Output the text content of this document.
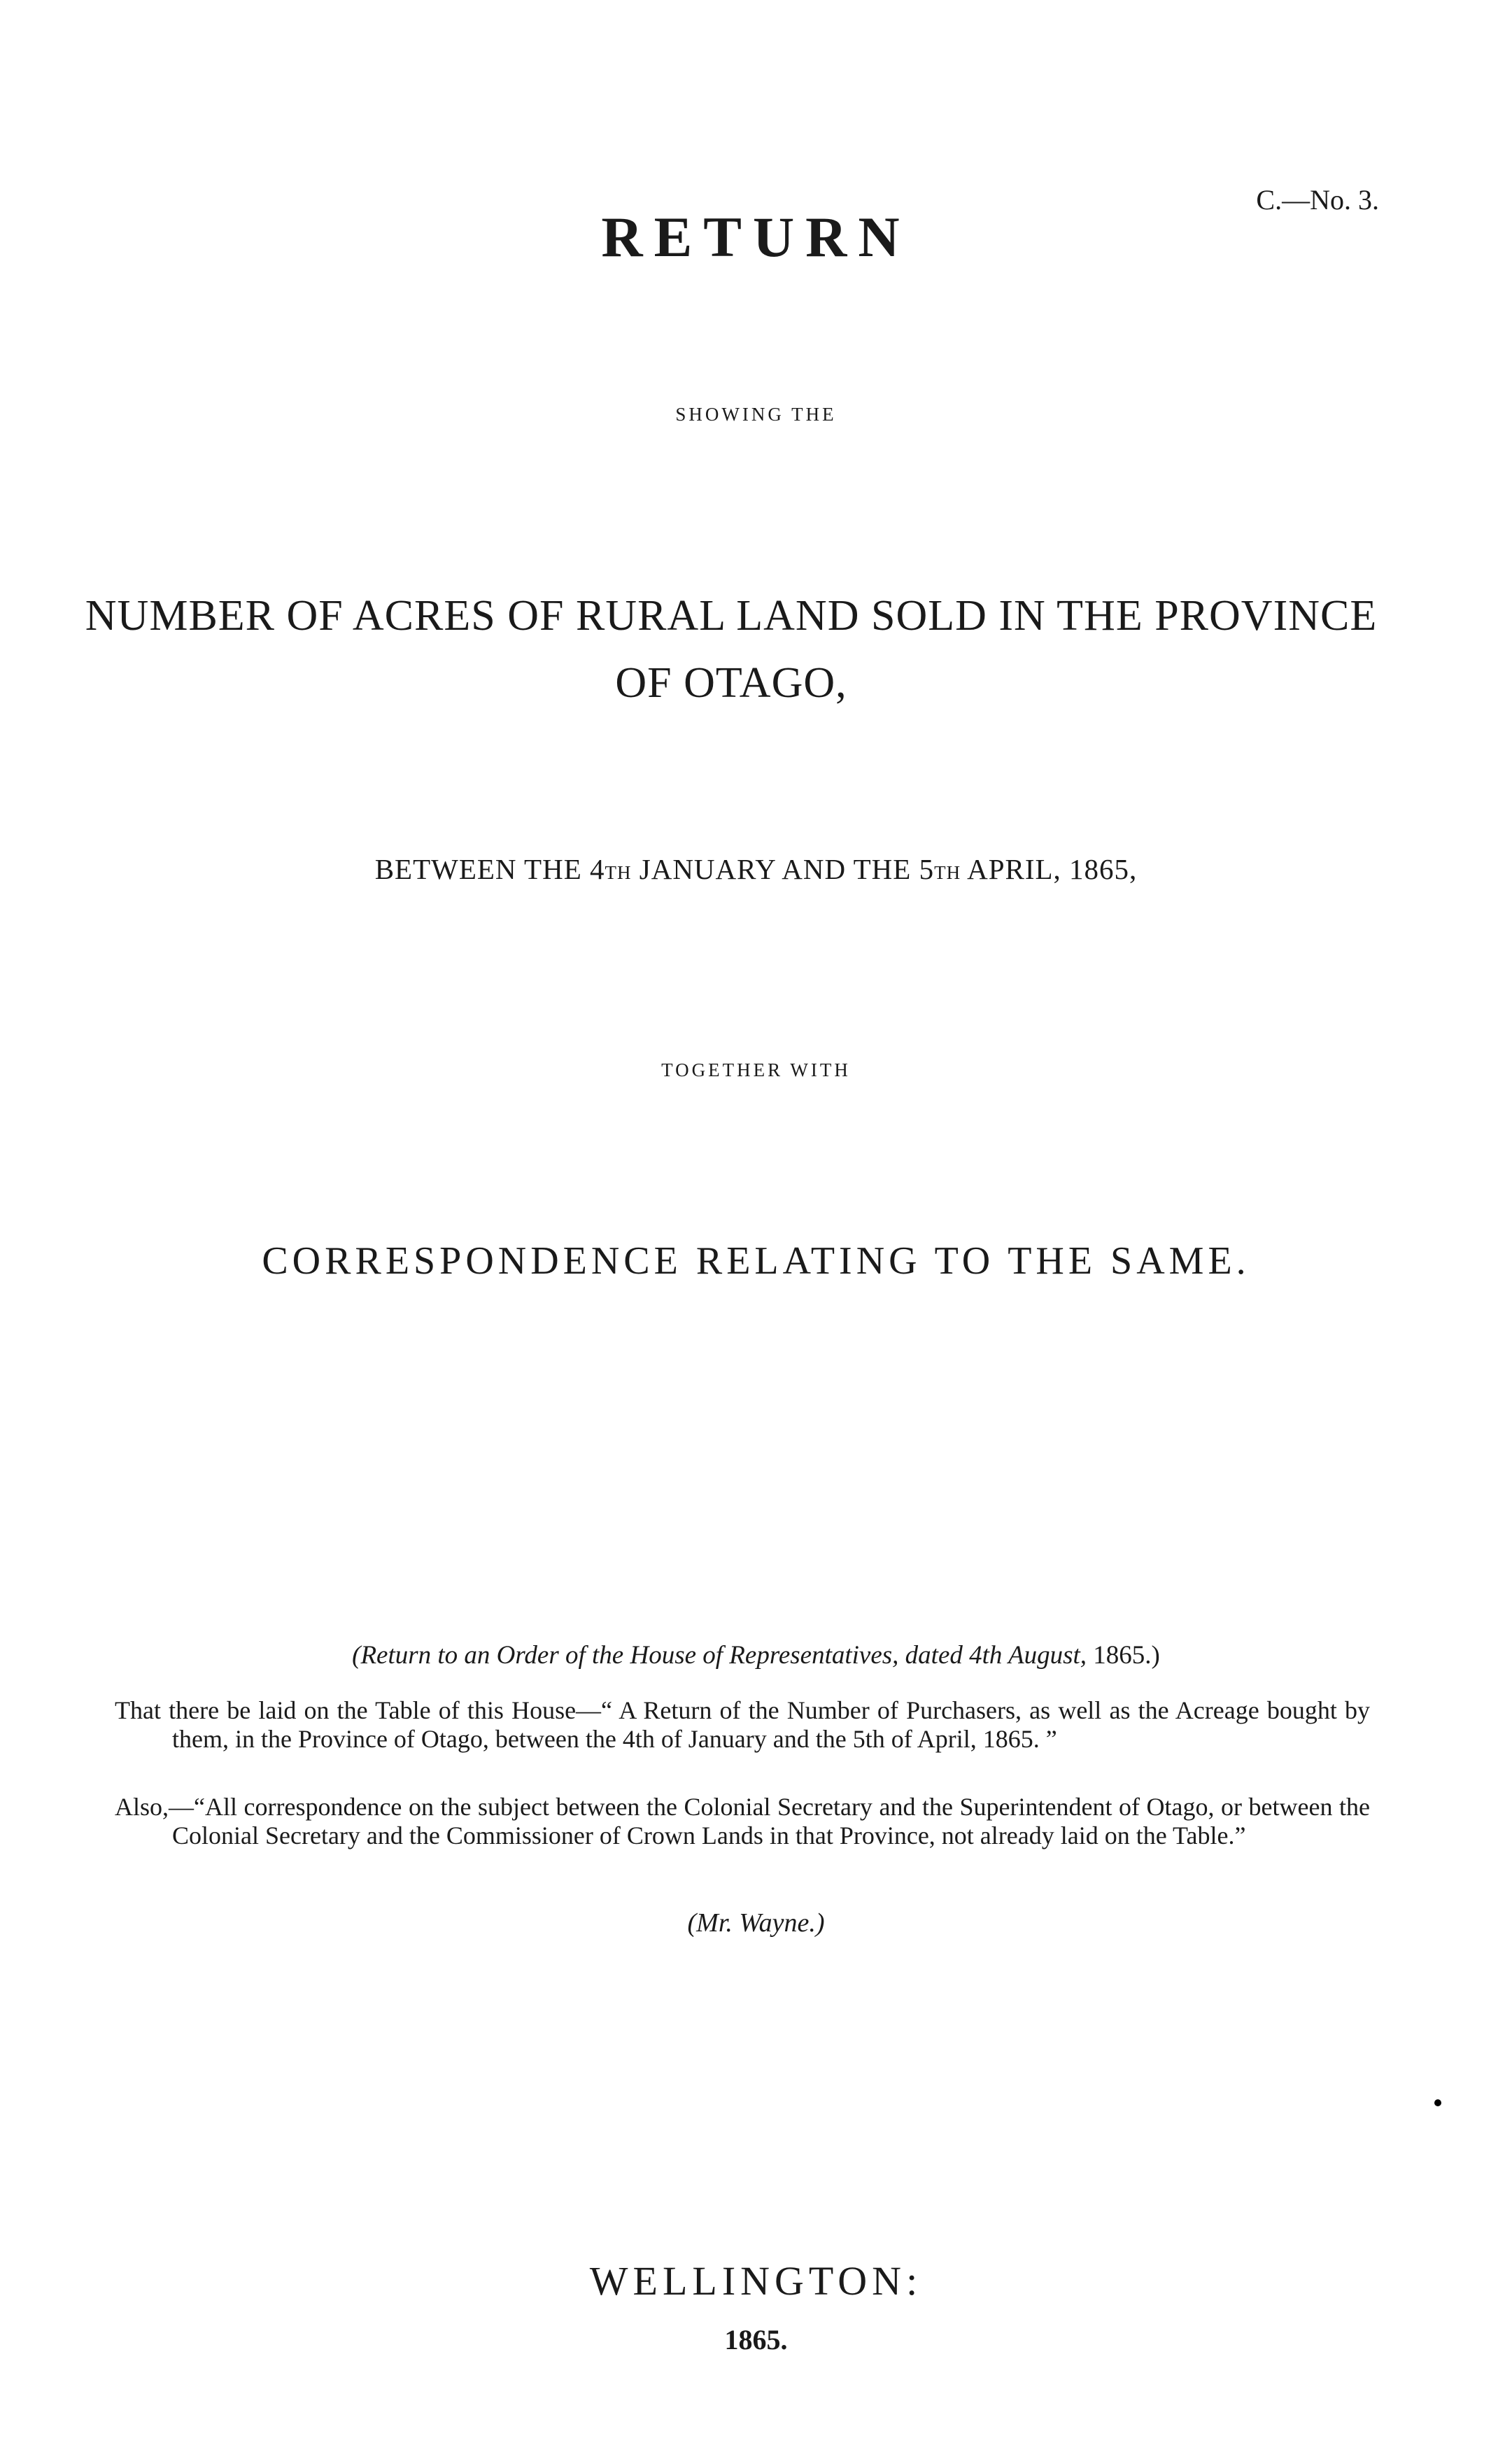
C.—No. 3.
RETURN
SHOWING THE
NUMBER OF ACRES OF RURAL LAND SOLD IN THE PROVINCE
OF OTAGO,
BETWEEN THE 4TH JANUARY AND THE 5TH APRIL, 1865,
TOGETHER WITH
CORRESPONDENCE RELATING TO THE SAME.
(Return to an Order of the House of Representatives, dated 4th August, 1865.)

That there be laid on the Table of this House—“ A Return of the Number of Purchasers, as well as the Acreage bought by them, in the Province of Otago, between the 4th of January and the 5th of April, 1865. ”

Also,—“All correspondence on the subject between the Colonial Secretary and the Superintendent of Otago, or between the Colonial Secretary and the Commissioner of Crown Lands in that Province, not already laid on the Table.”

(Mr. Wayne.)
WELLINGTON:
1865.
